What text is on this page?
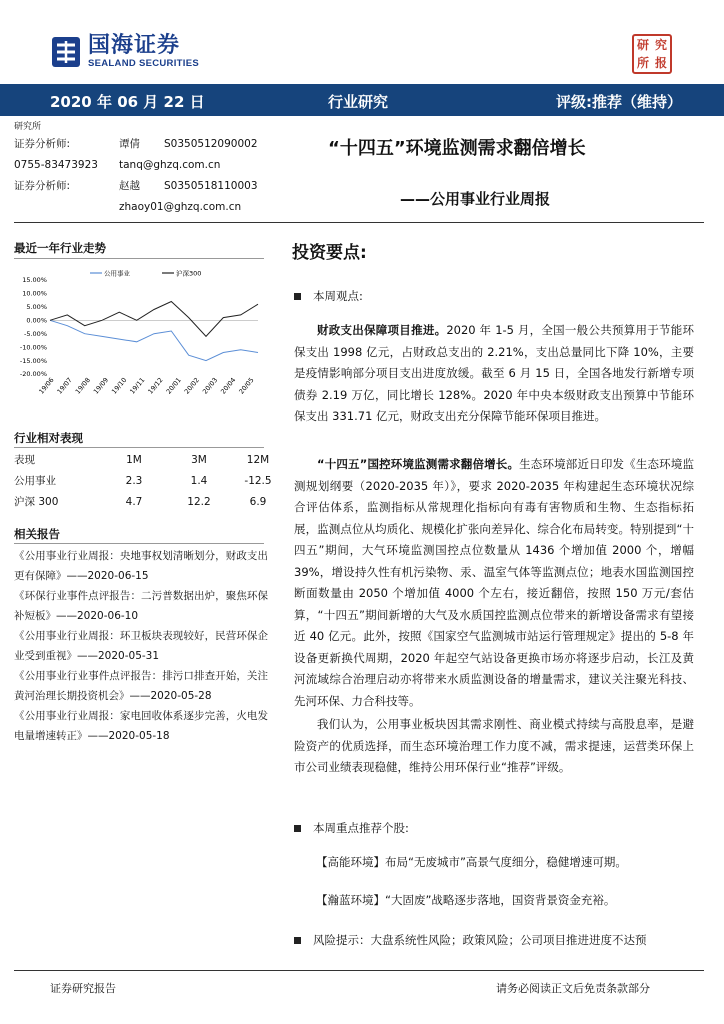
国海证券
SEALAND SECURITIES
研 究
所 报
2020 年 06 月 22 日	行业研究	评级:推荐（维持）
研究所
证券分析师:	谭倩 S0350512090002
0755-83473923 tanq@ghzq.com.cn
证券分析师:	赵越 S0350518110003
zhaoy01@ghzq.com.cn
“十四五”环境监测需求翻倍增长
——公用事业行业周报
最近一年行业走势
公用事业	沪深300
15.00%
10.00%
5.00%
0.00%
-5.00%
-10.00%
-15.00%
-20.00%
19/06 19/07 19/08 19/09 19/10 19/11 19/12 20/01 20/02 20/03 20/04 20/05
行业相对表现
表现	1M	3M	12M
公用事业	2.3	1.4	-12.5
沪深 300	4.7	12.2	6.9
相关报告
《公用事业行业周报：央地事权划清晰划分，财政支出更有保障》——2020-06-15
《环保行业事件点评报告：二污普数据出炉，聚焦环保补短板》——2020-06-10
《公用事业行业周报：环卫板块表现较好，民营环保企业受到重视》——2020-05-31
《公用事业行业事件点评报告：排污口排查开始，关注黄河治理长期投资机会》——2020-05-28
《公用事业行业周报：家电回收体系逐步完善，火电发电量增速转正》——2020-05-18
投资要点:
本周观点:
财政支出保障项目推进。2020 年 1-5 月，全国一般公共预算用于节能环保支出 1998 亿元，占财政总支出的 2.21%，支出总量同比下降 10%，主要是疫情影响部分项目支出进度放缓。截至 6 月 15 日，全国各地发行新增专项债券 2.19 万亿，同比增长 128%。2020 年中央本级财政支出预算中节能环保支出 331.71 亿元，财政支出充分保障节能环保项目推进。
“十四五”国控环境监测需求翻倍增长。生态环境部近日印发《生态环境监测规划纲要（2020-2035 年）》，要求 2020-2035 年构建起生态环境状况综合评估体系，监测指标从常规理化指标向有毒有害物质和生物、生态指标拓展，监测点位从均质化、规模化扩张向差异化、综合化布局转变。特别提到“十四五”期间，大气环境监测国控点位数量从 1436 个增加值 2000 个，增幅 39%，增设持久性有机污染物、汞、温室气体等监测点位；地表水国监测国控断面数量由 2050 个增加值 4000 个左右，接近翻倍，按照 150 万元/套估算，“十四五”期间新增的大气及水质国控监测点位带来的新增设备需求有望接近 40 亿元。此外，按照《国家空气监测城市站运行管理规定》提出的 5-8 年设备更新换代周期，2020 年起空气站设备更换市场亦将逐步启动，长江及黄河流域综合治理启动亦将带来水质监测设备的增量需求，建议关注聚光科技、先河环保、力合科技等。
我们认为，公用事业板块因其需求刚性、商业模式持续与高股息率，是避险资产的优质选择，而生态环境治理工作力度不减，需求提速，运营类环保上市公司业绩表现稳健，维持公用环保行业“推荐”评级。
本周重点推荐个股:
【高能环境】布局“无废城市”高景气度细分，稳健增速可期。
【瀚蓝环境】“大固废”战略逐步落地，国资背景资金充裕。
风险提示：大盘系统性风险；政策风险；公司项目推进进度不达预
证券研究报告	请务必阅读正文后免责条款部分
